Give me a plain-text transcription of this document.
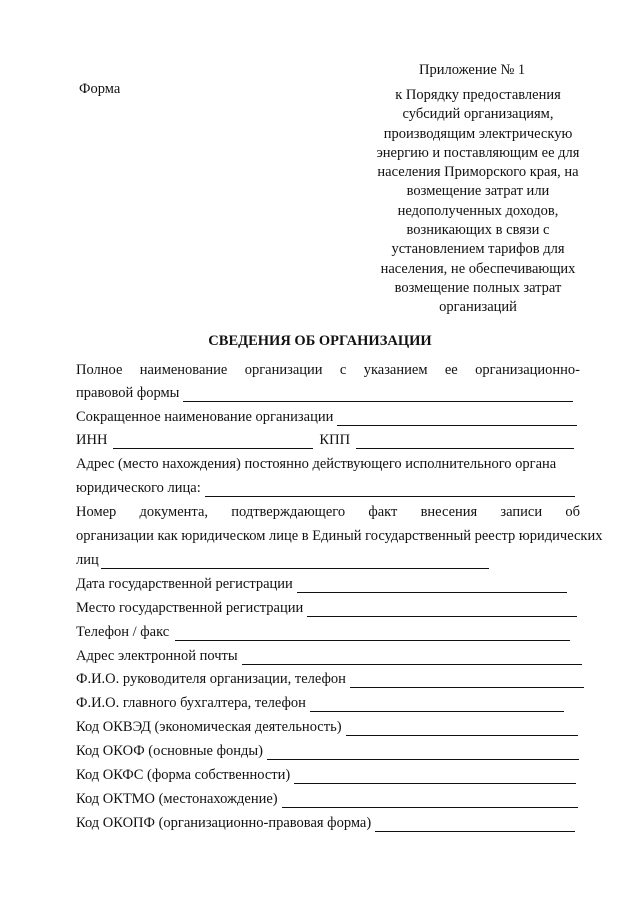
Форма
Приложение № 1
к Порядку предоставления
субсидий организациям,
производящим электрическую
энергию и поставляющим ее для
населения Приморского края, на
возмещение затрат или
недополученных доходов,
возникающих в связи с
установлением тарифов для
населения, не обеспечивающих
возмещение полных затрат
организаций
СВЕДЕНИЯ ОБ ОРГАНИЗАЦИИ
Полное наименование организации с указанием ее организационно-
правовой формы
Сокращенное наименование организации
ИНН	КПП
Адрес (место нахождения) постоянно действующего исполнительного органа
юридического лица:
Номер документа, подтверждающего факт внесения записи об
организации как юридическом лице в Единый государственный реестр юридических
лиц
Дата государственной регистрации
Место государственной регистрации
Телефон / факс
Адрес электронной почты
Ф.И.О. руководителя организации, телефон
Ф.И.О. главного бухгалтера, телефон
Код ОКВЭД (экономическая деятельность)
Код ОКОФ (основные фонды)
Код ОКФС (форма собственности)
Код ОКТМО (местонахождение)
Код ОКОПФ (организационно-правовая форма)
